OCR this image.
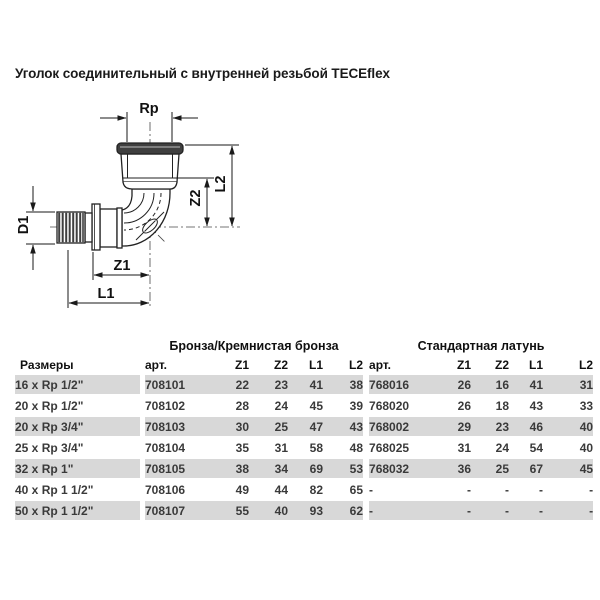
Уголок соединительный с внутренней резьбой TECEflex
Rp
D1
Z1
L1
Z2
L2
		Бронза/Кремнистая бронза						Стандартная латунь				
Размеры		арт.	Z1	Z2	L1	L2		арт.	Z1	Z2	L1	L2
16 x Rp 1/2"		708101	22	23	41	38		768016	26	16	41	31
20 x Rp 1/2"		708102	28	24	45	39		768020	26	18	43	33
20 x Rp 3/4"		708103	30	25	47	43		768002	29	23	46	40
25 x Rp 3/4"		708104	35	31	58	48		768025	31	24	54	40
32 x Rp 1"		708105	38	34	69	53		768032	36	25	67	45
40 x Rp 1 1/2"		708106	49	44	82	65		-	-	-	-	-
50 x Rp 1 1/2"		708107	55	40	93	62		-	-	-	-	-
